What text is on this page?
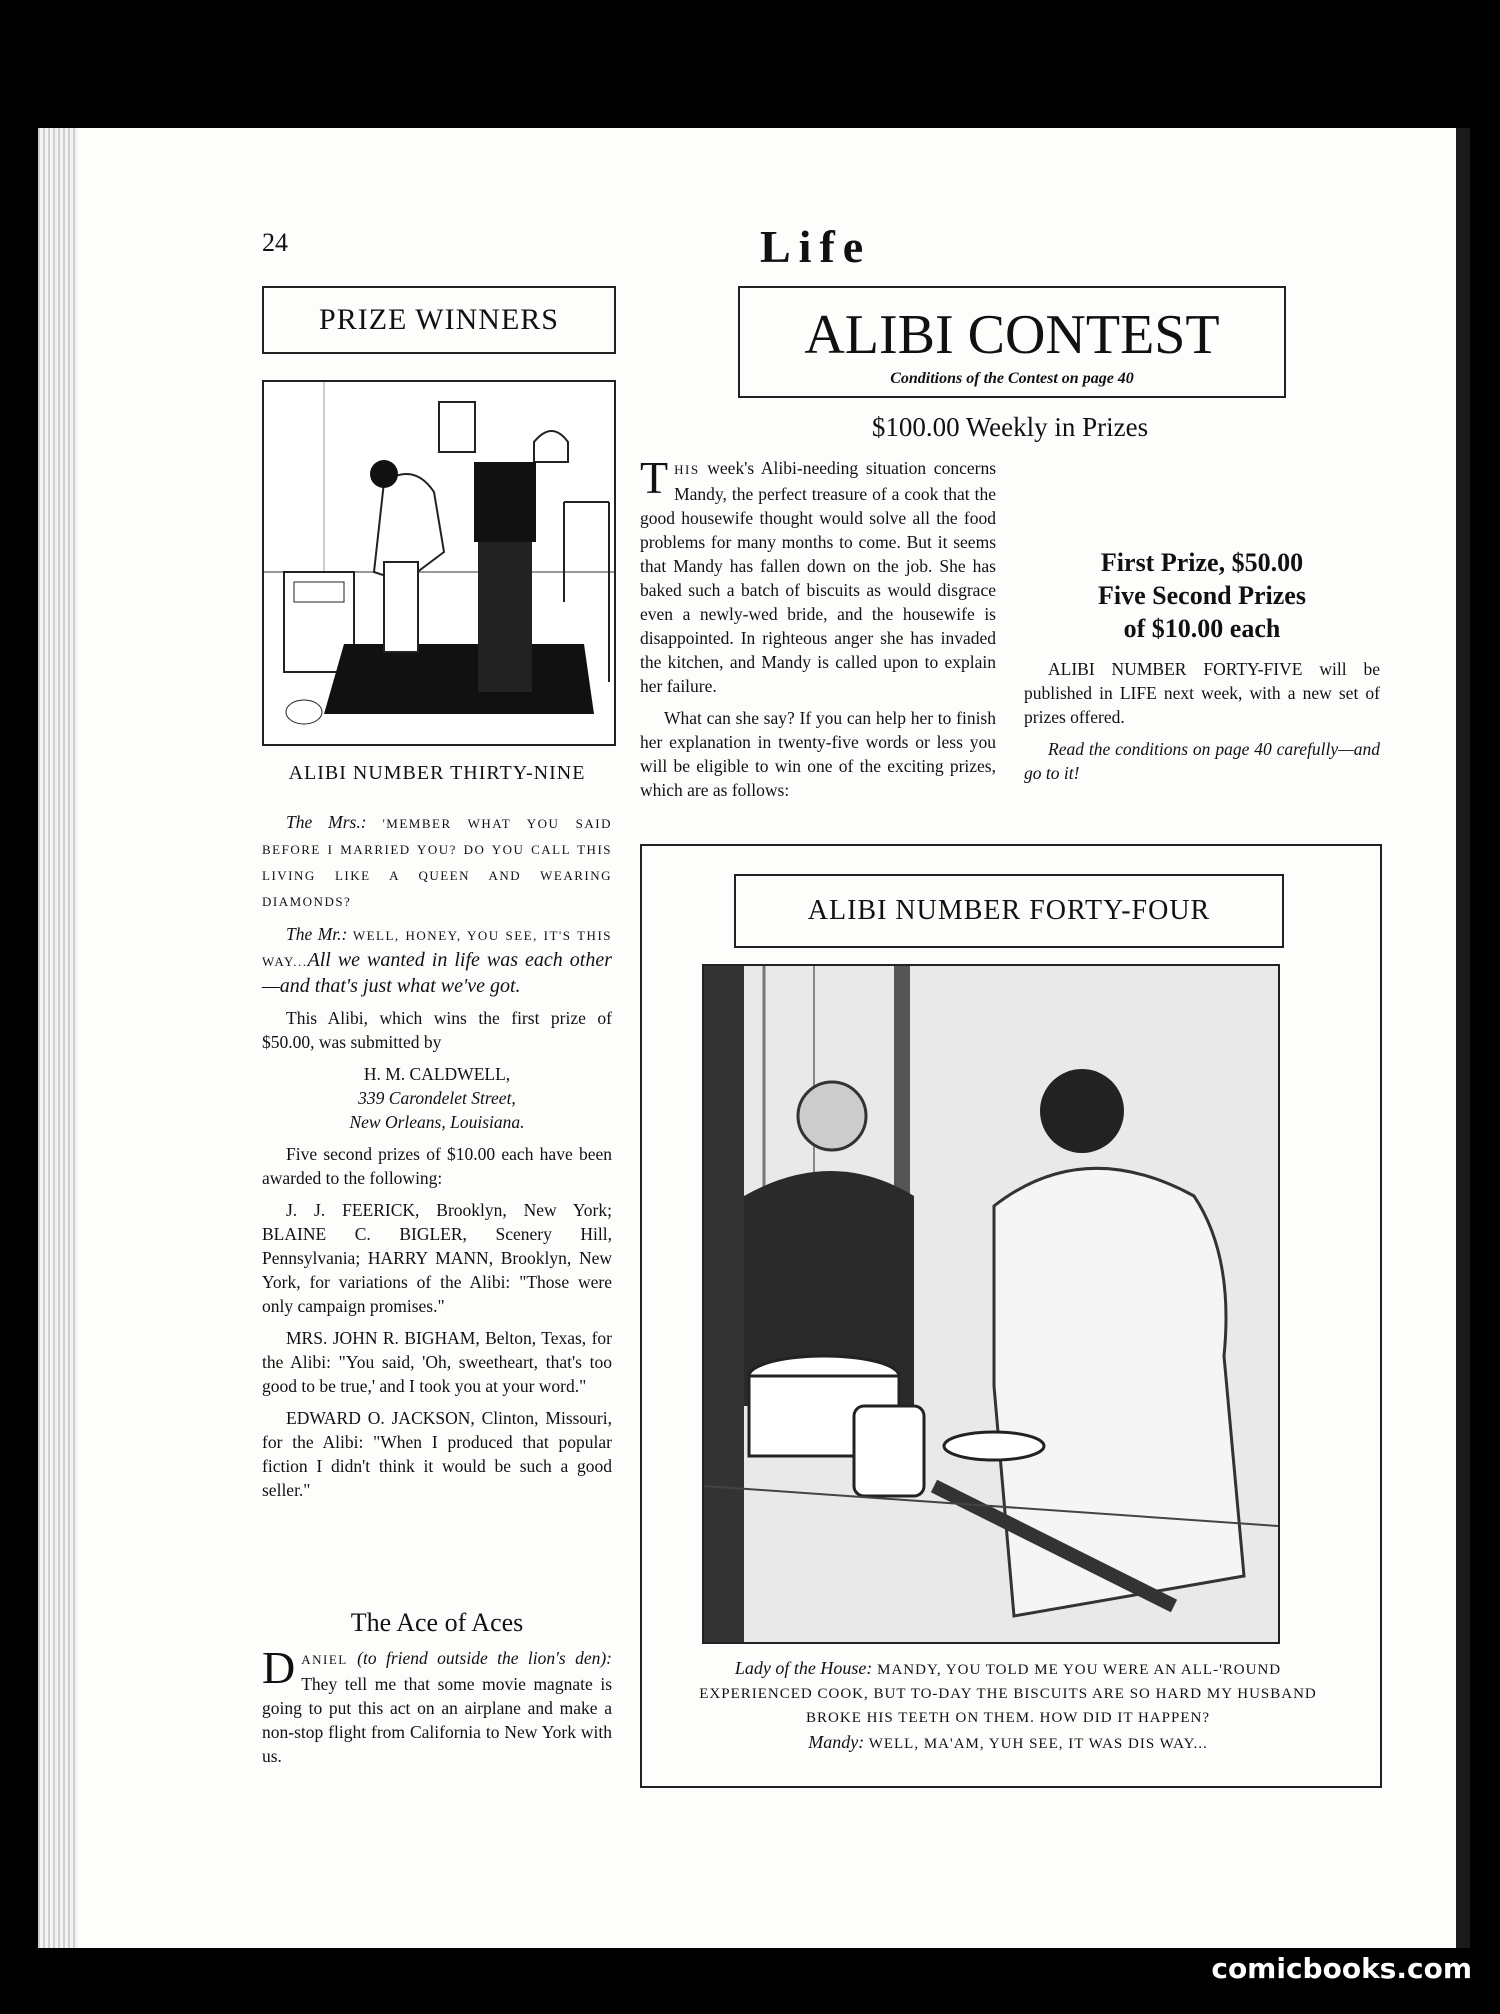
24	Life
PRIZE WINNERS	ALIBI CONTEST
Conditions of the Contest on page 40
ALIBI NUMBER THIRTY-NINE

The Mrs.: 'MEMBER WHAT YOU SAID BEFORE I MARRIED YOU? DO YOU CALL THIS LIVING LIKE A QUEEN AND WEARING DIAMONDS?

The Mr.: WELL, HONEY, YOU SEE, IT'S THIS WAY...All we wanted in life was each other—and that's just what we've got.

This Alibi, which wins the first prize of $50.00, was submitted by

H. M. CALDWELL,

339 Carondelet Street,

New Orleans, Louisiana.

Five second prizes of $10.00 each have been awarded to the following:

J. J. FEERICK, Brooklyn, New York; BLAINE C. BIGLER, Scenery Hill, Pennsylvania; HARRY MANN, Brooklyn, New York, for variations of the Alibi: "Those were only campaign promises."

MRS. JOHN R. BIGHAM, Belton, Texas, for the Alibi: "You said, 'Oh, sweetheart, that's too good to be true,' and I took you at your word."

EDWARD O. JACKSON, Clinton, Missouri, for the Alibi: "When I produced that popular fiction I didn't think it would be such a good seller."

The Ace of Aces
DANIEL (to friend outside the lion's den): They tell me that some movie magnate is going to put this act on an airplane and make a non-stop flight from California to New York with us.
$100.00 Weekly in Prizes
THIS week's Alibi-needing situation concerns Mandy, the perfect treasure of a cook that the good housewife thought would solve all the food problems for many months to come. But it seems that Mandy has fallen down on the job. She has baked such a batch of biscuits as would disgrace even a newly-wed bride, and the housewife is disappointed. In righteous anger she has invaded the kitchen, and Mandy is called upon to explain her failure.

What can she say? If you can help her to finish her explanation in twenty-five words or less you will be eligible to win one of the exciting prizes, which are as follows:

First Prize, $50.00
Five Second Prizes
of $10.00 each

ALIBI NUMBER FORTY-FIVE will be published in LIFE next week, with a new set of prizes offered.

Read the conditions on page 40 carefully—and go to it!

ALIBI NUMBER FORTY-FOUR
Lady of the House: MANDY, YOU TOLD ME YOU WERE AN ALL-'ROUND EXPERIENCED COOK, BUT TO-DAY THE BISCUITS ARE SO HARD MY HUSBAND BROKE HIS TEETH ON THEM. HOW DID IT HAPPEN?
Mandy: WELL, MA'AM, YUH SEE, IT WAS DIS WAY...
comicbooks.com
